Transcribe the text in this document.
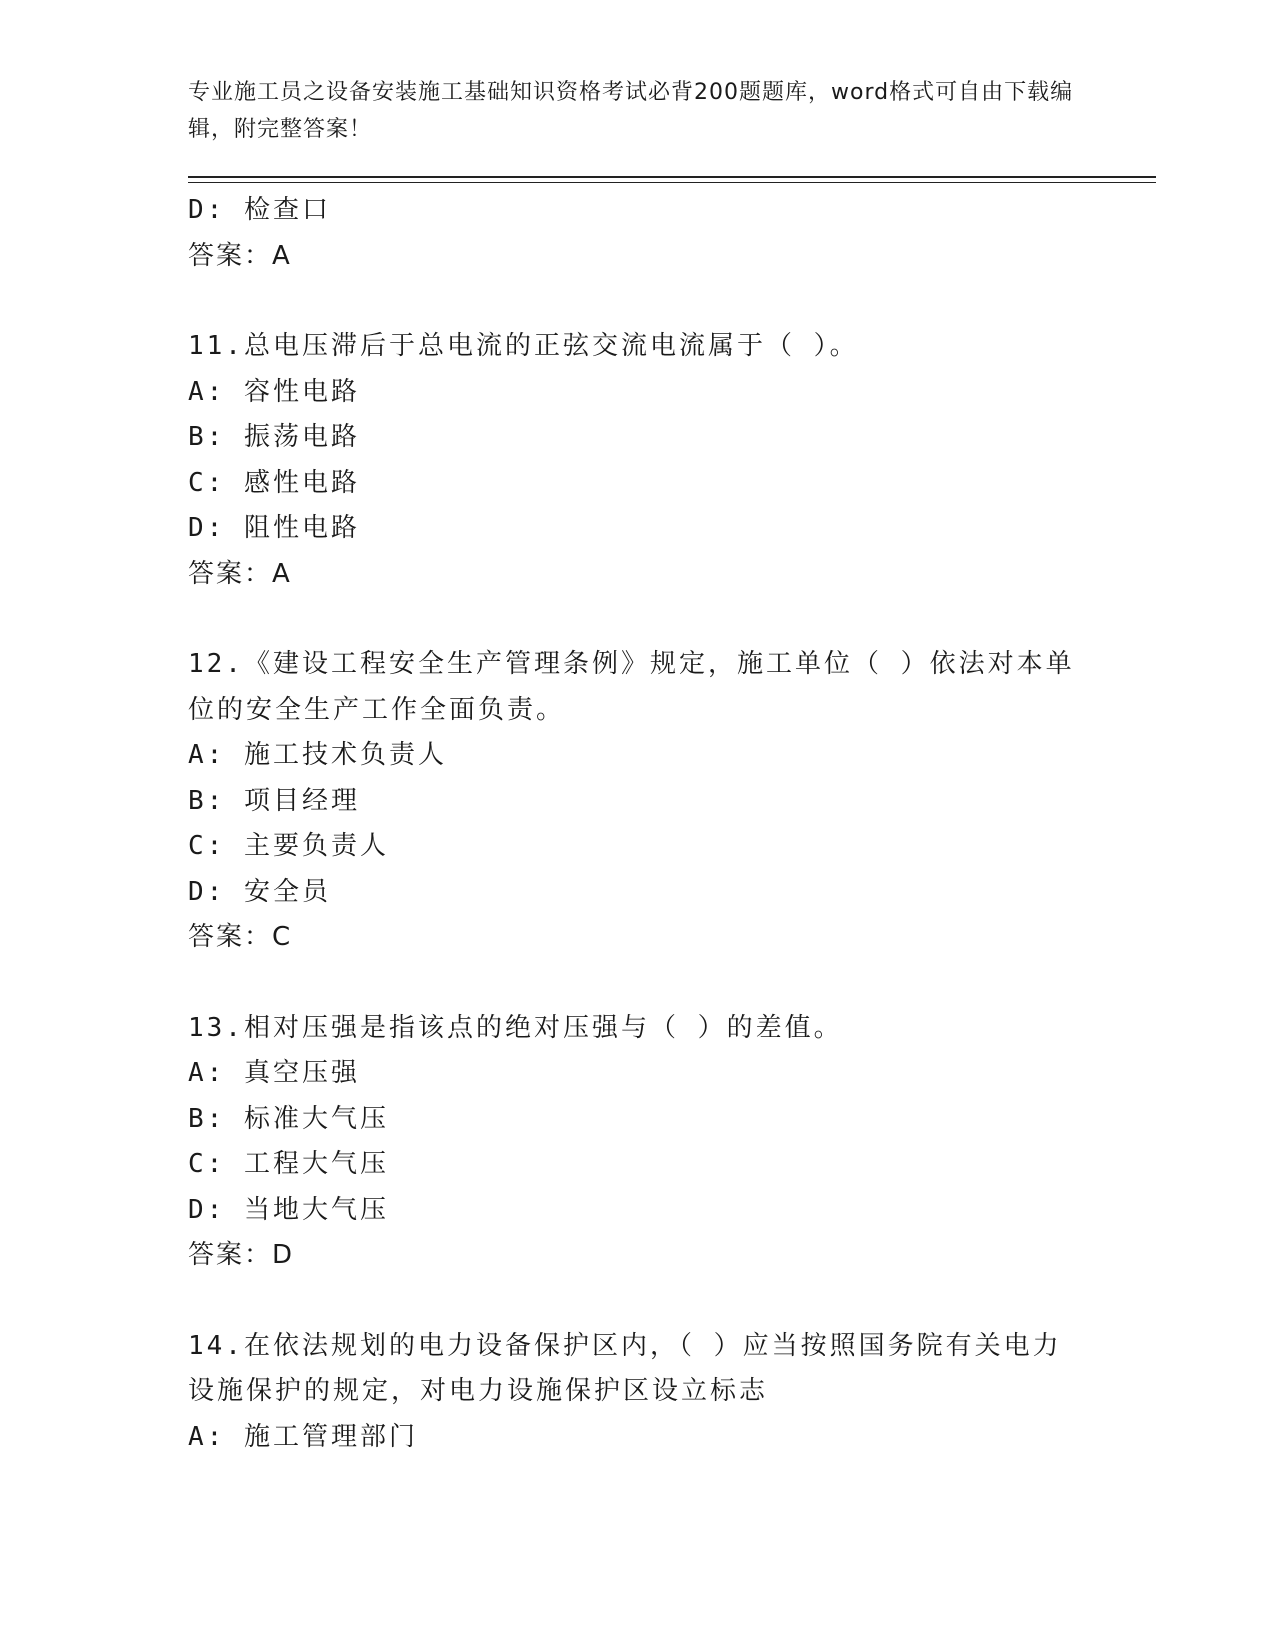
专业施工员之设备安装施工基础知识资格考试必背200题题库，word格式可自由下载编辑，附完整答案！
D: 检查口
答案：A
11.总电压滞后于总电流的正弦交流电流属于（ ）。
A: 容性电路
B: 振荡电路
C: 感性电路
D: 阻性电路
答案：A
12.《建设工程安全生产管理条例》规定，施工单位（ ）依法对本单位的安全生产工作全面负责。
A: 施工技术负责人
B: 项目经理
C: 主要负责人
D: 安全员
答案：C
13.相对压强是指该点的绝对压强与（ ）的差值。
A: 真空压强
B: 标准大气压
C: 工程大气压
D: 当地大气压
答案：D
14.在依法规划的电力设备保护区内，（ ）应当按照国务院有关电力设施保护的规定，对电力设施保护区设立标志
A: 施工管理部门
